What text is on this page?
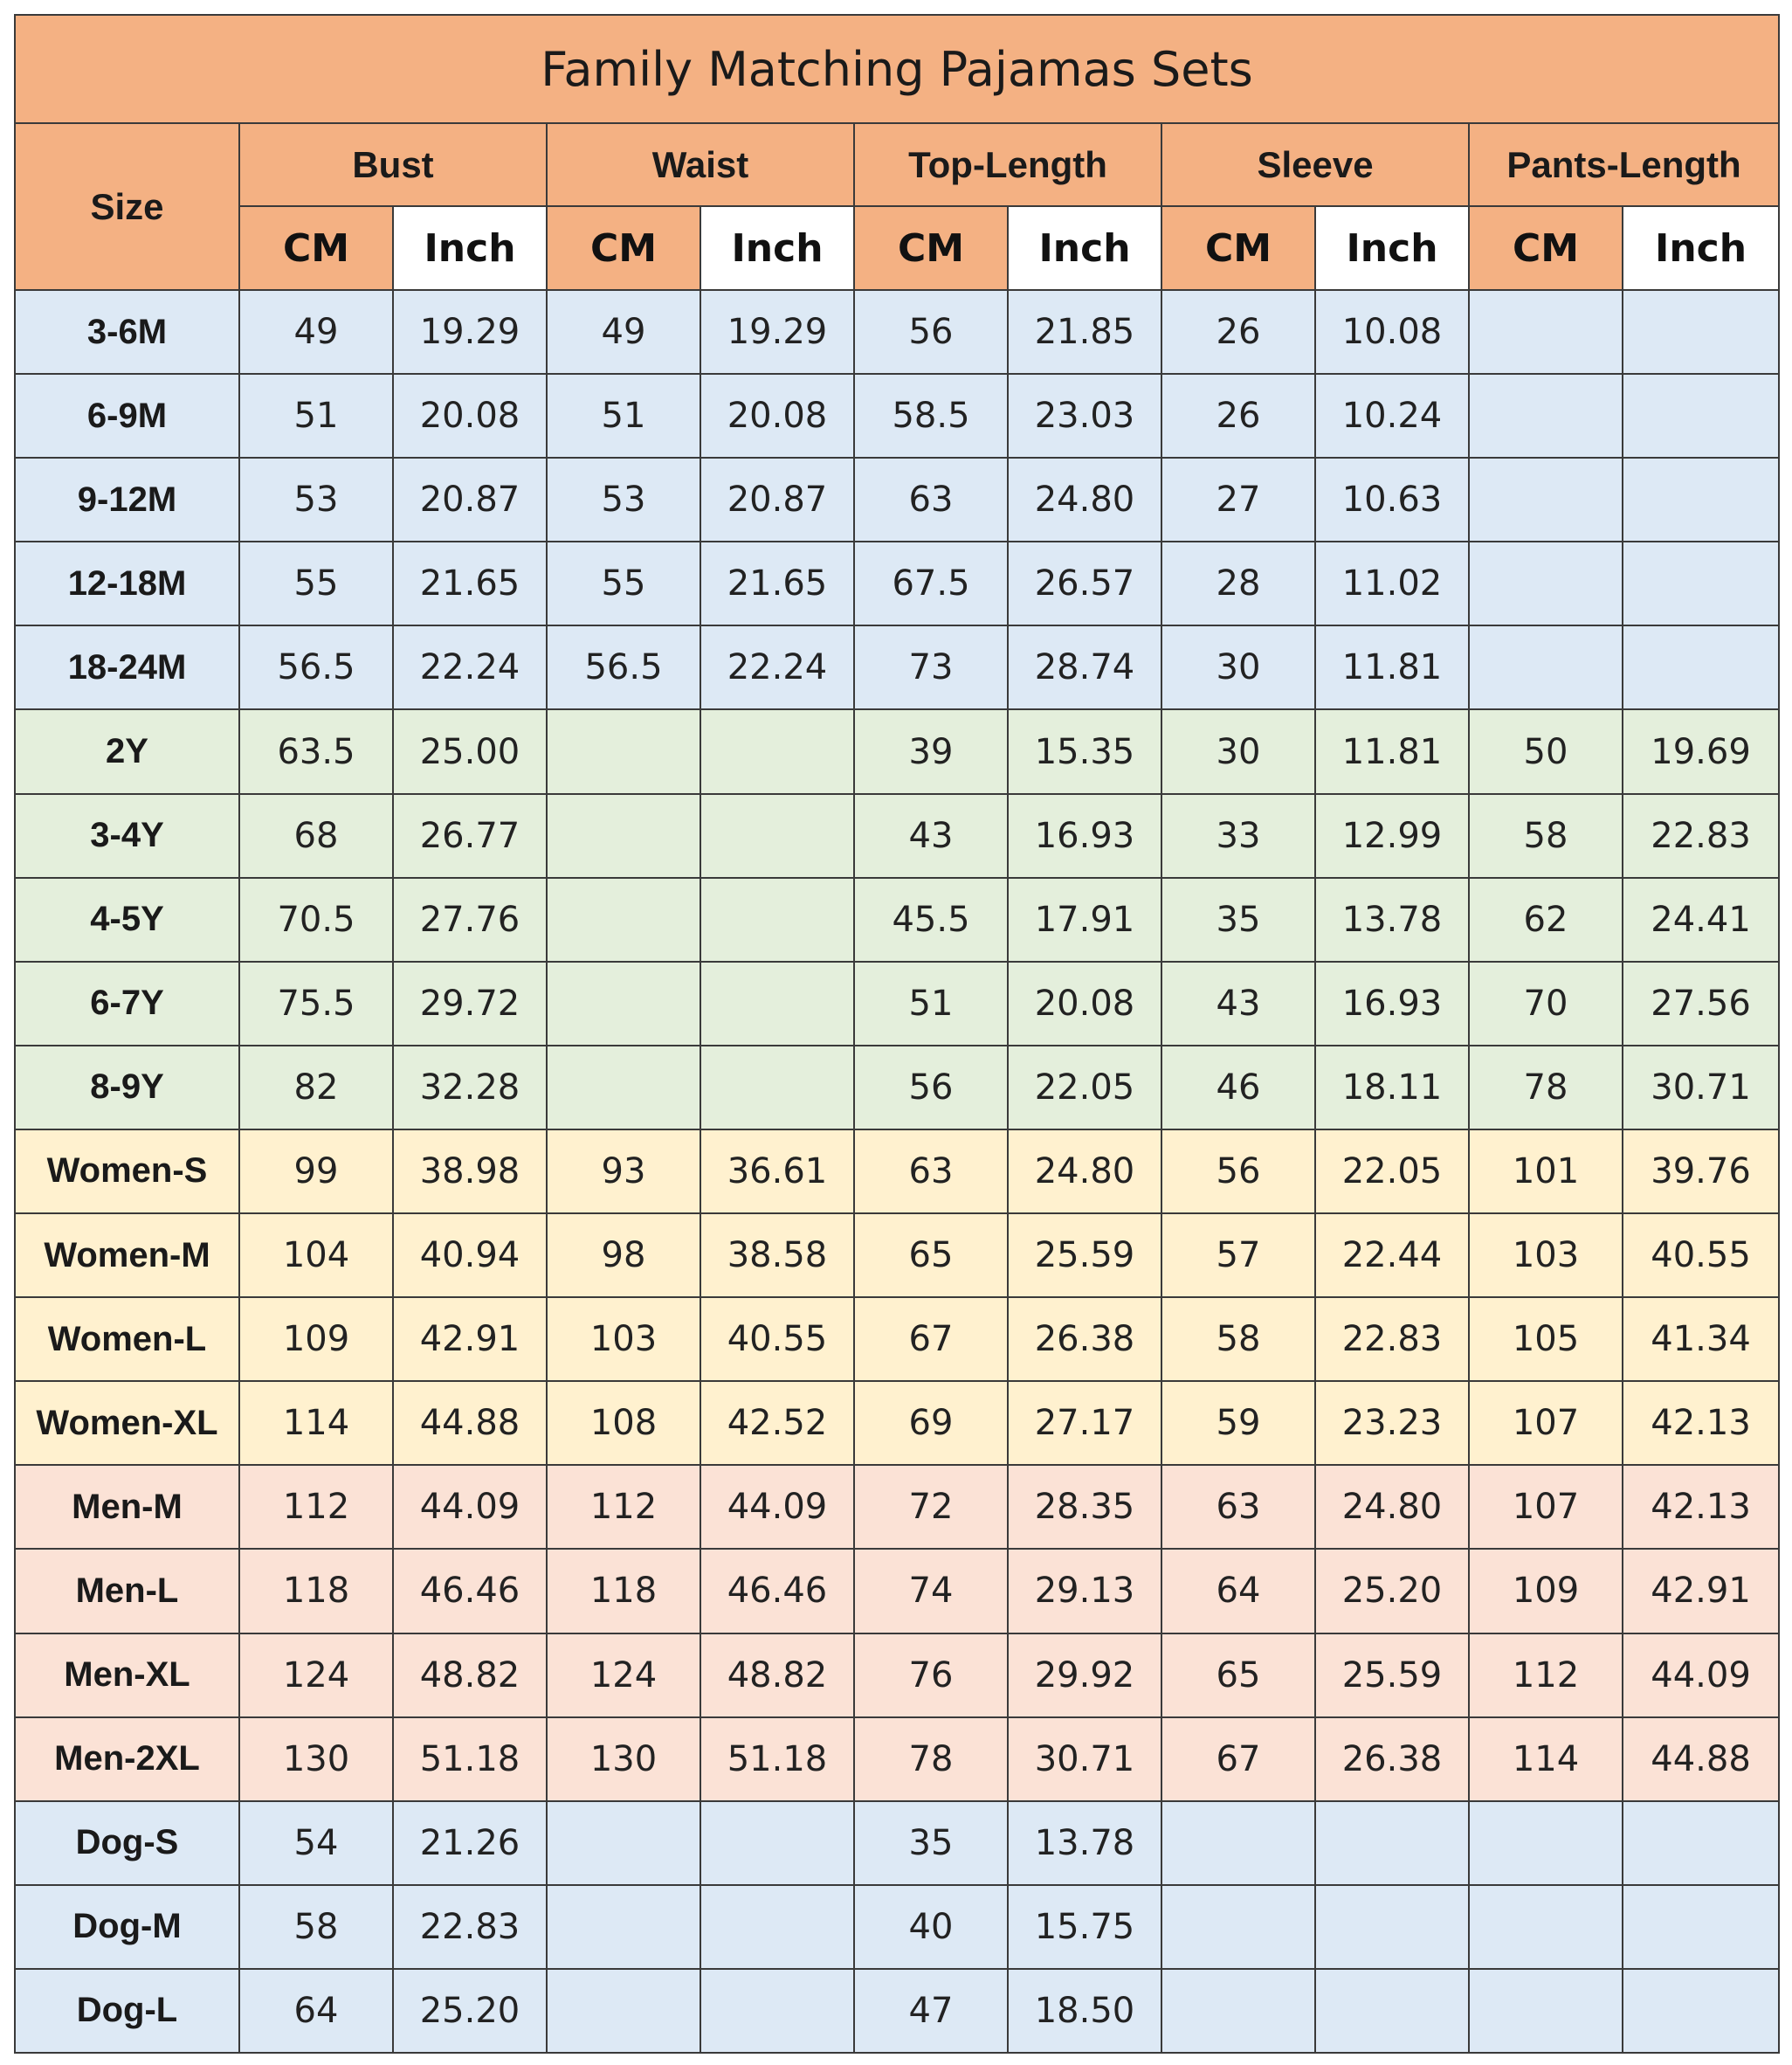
Family Matching Pajamas Sets										
Size	Bust		Waist		Top-Length		Sleeve		Pants-Length	
	CM	Inch	CM	Inch	CM	Inch	CM	Inch	CM	Inch
3-6M	49	19.29	49	19.29	56	21.85	26	10.08		
6-9M	51	20.08	51	20.08	58.5	23.03	26	10.24		
9-12M	53	20.87	53	20.87	63	24.80	27	10.63		
12-18M	55	21.65	55	21.65	67.5	26.57	28	11.02		
18-24M	56.5	22.24	56.5	22.24	73	28.74	30	11.81		
2Y	63.5	25.00			39	15.35	30	11.81	50	19.69
3-4Y	68	26.77			43	16.93	33	12.99	58	22.83
4-5Y	70.5	27.76			45.5	17.91	35	13.78	62	24.41
6-7Y	75.5	29.72			51	20.08	43	16.93	70	27.56
8-9Y	82	32.28			56	22.05	46	18.11	78	30.71
Women-S	99	38.98	93	36.61	63	24.80	56	22.05	101	39.76
Women-M	104	40.94	98	38.58	65	25.59	57	22.44	103	40.55
Women-L	109	42.91	103	40.55	67	26.38	58	22.83	105	41.34
Women-XL	114	44.88	108	42.52	69	27.17	59	23.23	107	42.13
Men-M	112	44.09	112	44.09	72	28.35	63	24.80	107	42.13
Men-L	118	46.46	118	46.46	74	29.13	64	25.20	109	42.91
Men-XL	124	48.82	124	48.82	76	29.92	65	25.59	112	44.09
Men-2XL	130	51.18	130	51.18	78	30.71	67	26.38	114	44.88
Dog-S	54	21.26			35	13.78				
Dog-M	58	22.83			40	15.75				
Dog-L	64	25.20			47	18.50				
